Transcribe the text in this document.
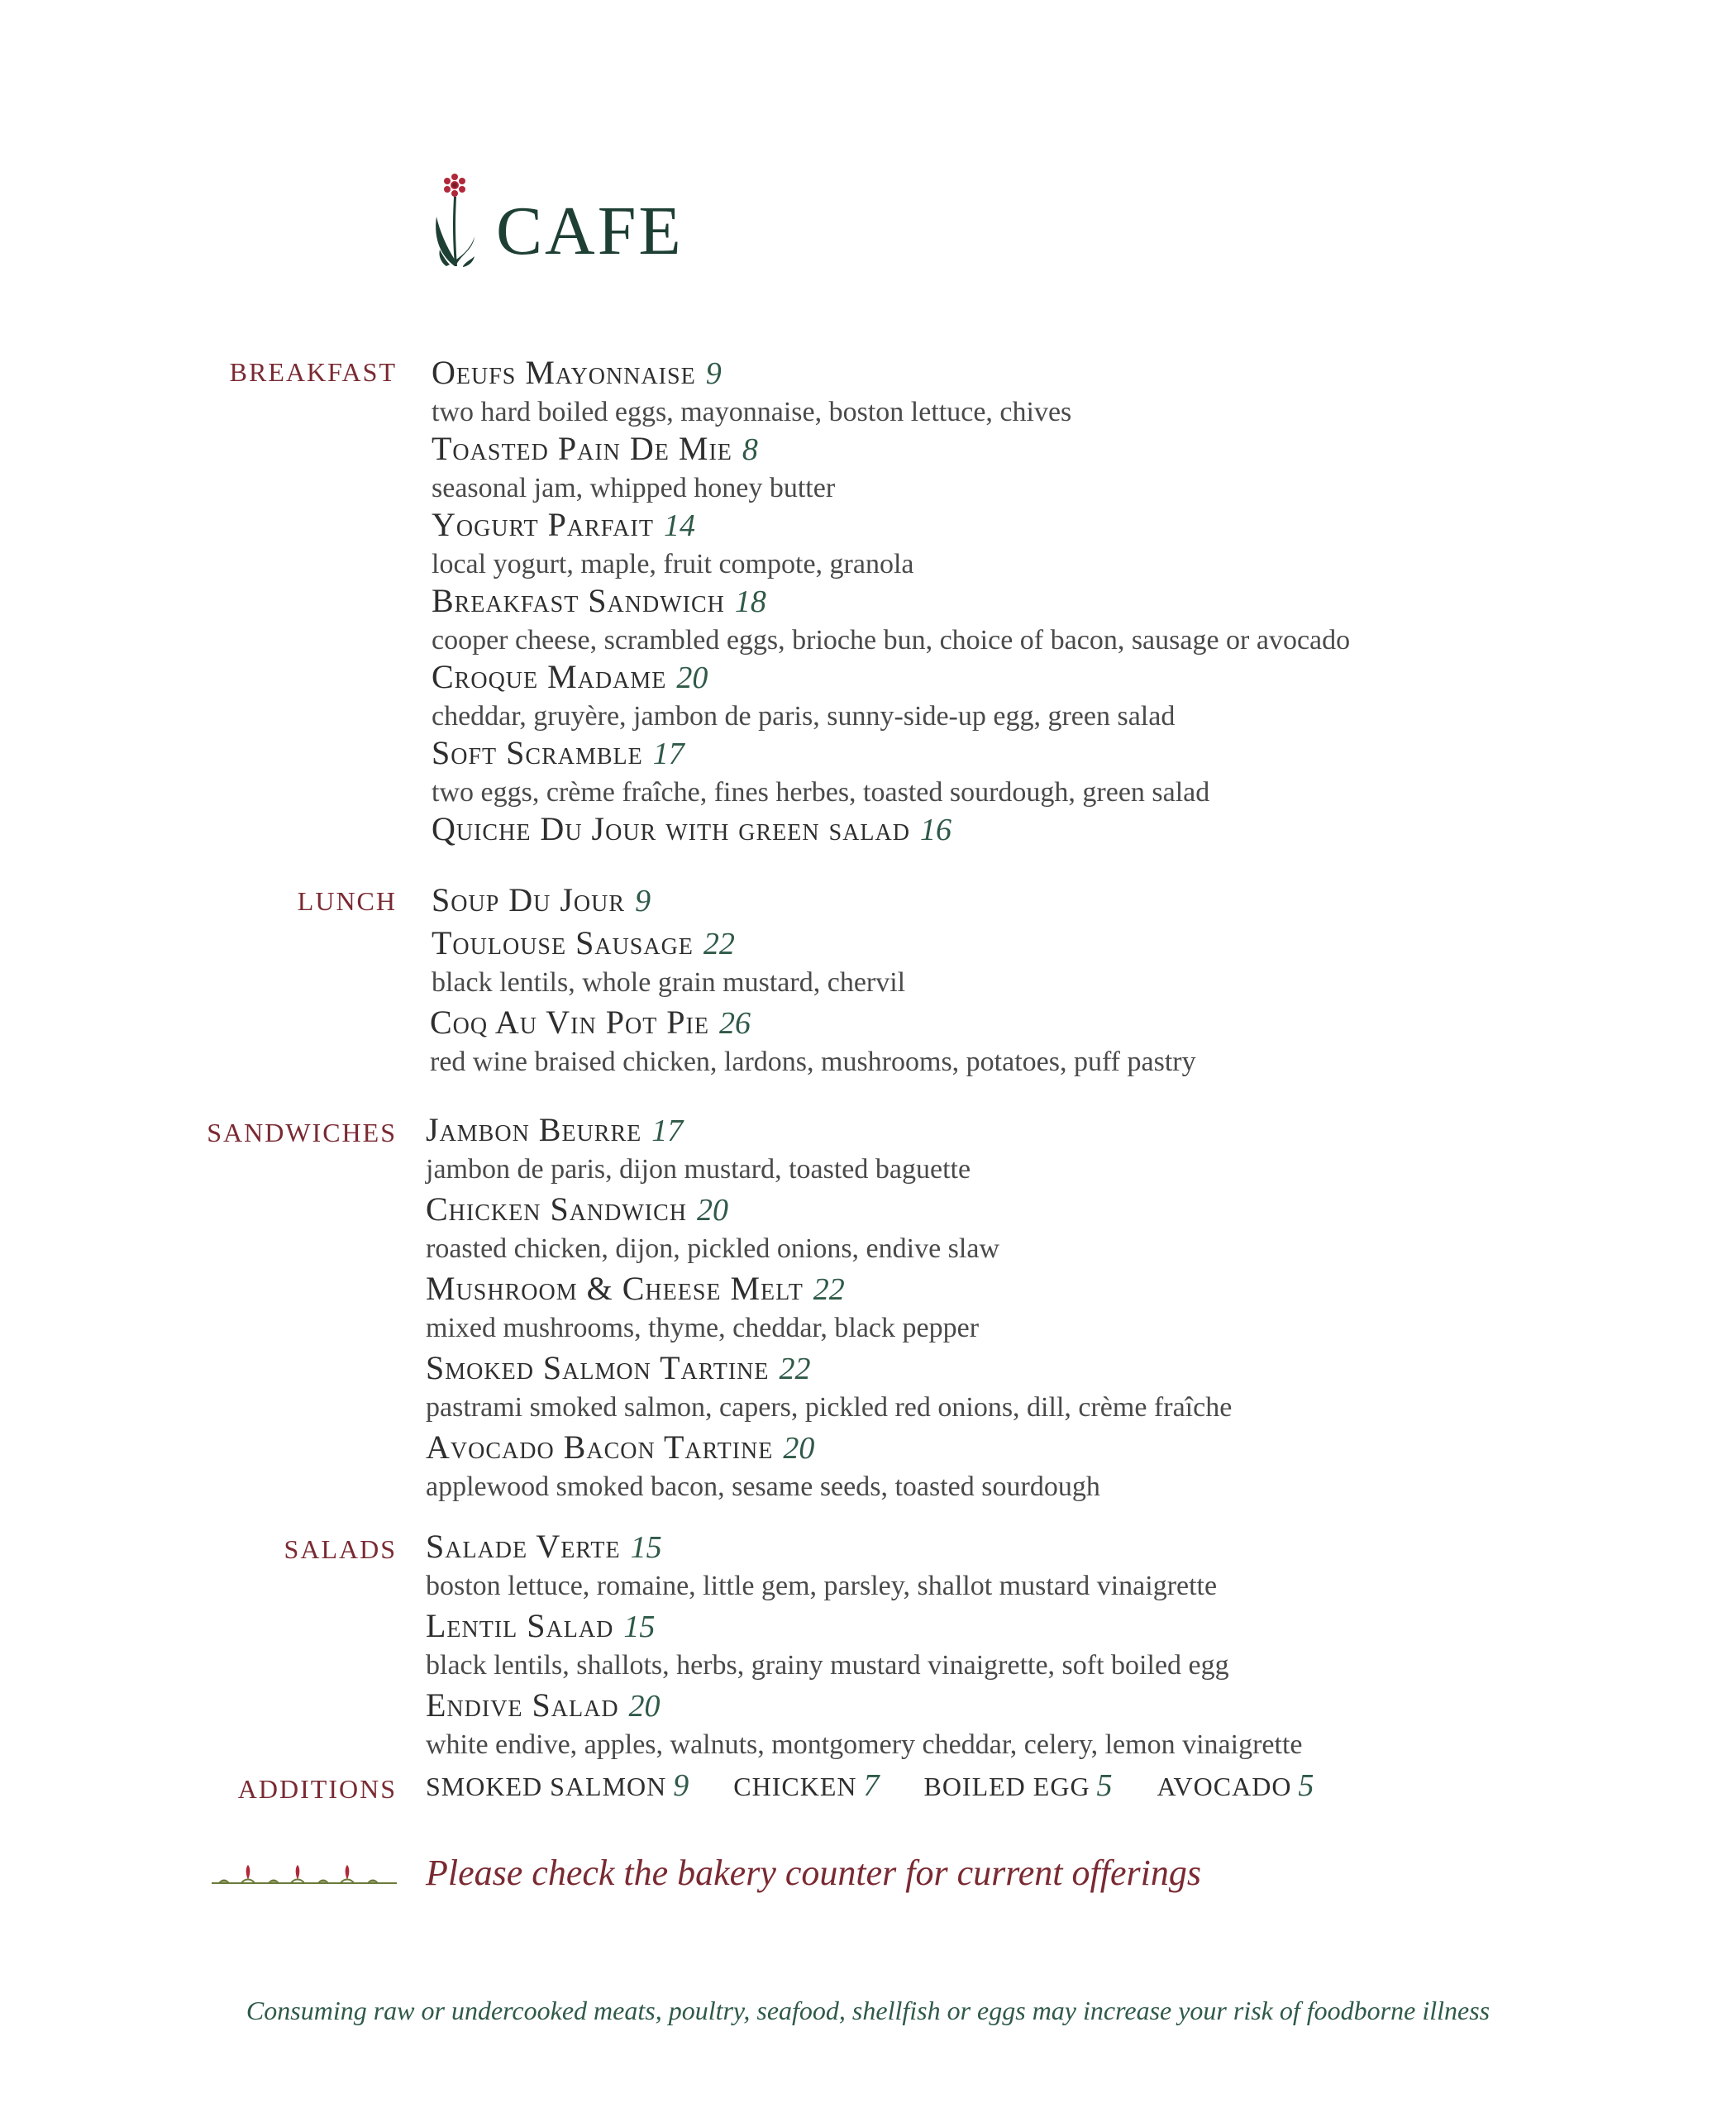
CAFE
BREAKFAST Oeufs Mayonnaise 9
two hard boiled eggs, mayonnaise, boston lettuce, chives
Toasted Pain De Mie 8
seasonal jam, whipped honey butter
Yogurt Parfait 14
local yogurt, maple, fruit compote, granola
Breakfast Sandwich 18
cooper cheese, scrambled eggs, brioche bun, choice of bacon, sausage or avocado
Croque Madame 20
cheddar, gruyère, jambon de paris, sunny-side-up egg, green salad
Soft Scramble 17
two eggs, crème fraîche, fines herbes, toasted sourdough, green salad
Quiche Du Jour with green salad 16
LUNCH Soup Du Jour 9
Toulouse Sausage 22
black lentils, whole grain mustard, chervil
Coq Au Vin Pot Pie 26
red wine braised chicken, lardons, mushrooms, potatoes, puff pastry
SANDWICHES Jambon Beurre 17
jambon de paris, dijon mustard, toasted baguette
Chicken Sandwich 20
roasted chicken, dijon, pickled onions, endive slaw
Mushroom & Cheese Melt 22
mixed mushrooms, thyme, cheddar, black pepper
Smoked Salmon Tartine 22
pastrami smoked salmon, capers, pickled red onions, dill, crème fraîche
Avocado Bacon Tartine 20
applewood smoked bacon, sesame seeds, toasted sourdough
SALADS Salade Verte 15
boston lettuce, romaine, little gem, parsley, shallot mustard vinaigrette
Lentil Salad 15
black lentils, shallots, herbs, grainy mustard vinaigrette, soft boiled egg
Endive Salad 20
white endive, apples, walnuts, montgomery cheddar, celery, lemon vinaigrette
ADDITIONS SMOKED SALMON 9 CHICKEN 7 BOILED EGG 5 AVOCADO 5
Please check the bakery counter for current offerings
Consuming raw or undercooked meats, poultry, seafood, shellfish or eggs may increase your risk of foodborne illness
